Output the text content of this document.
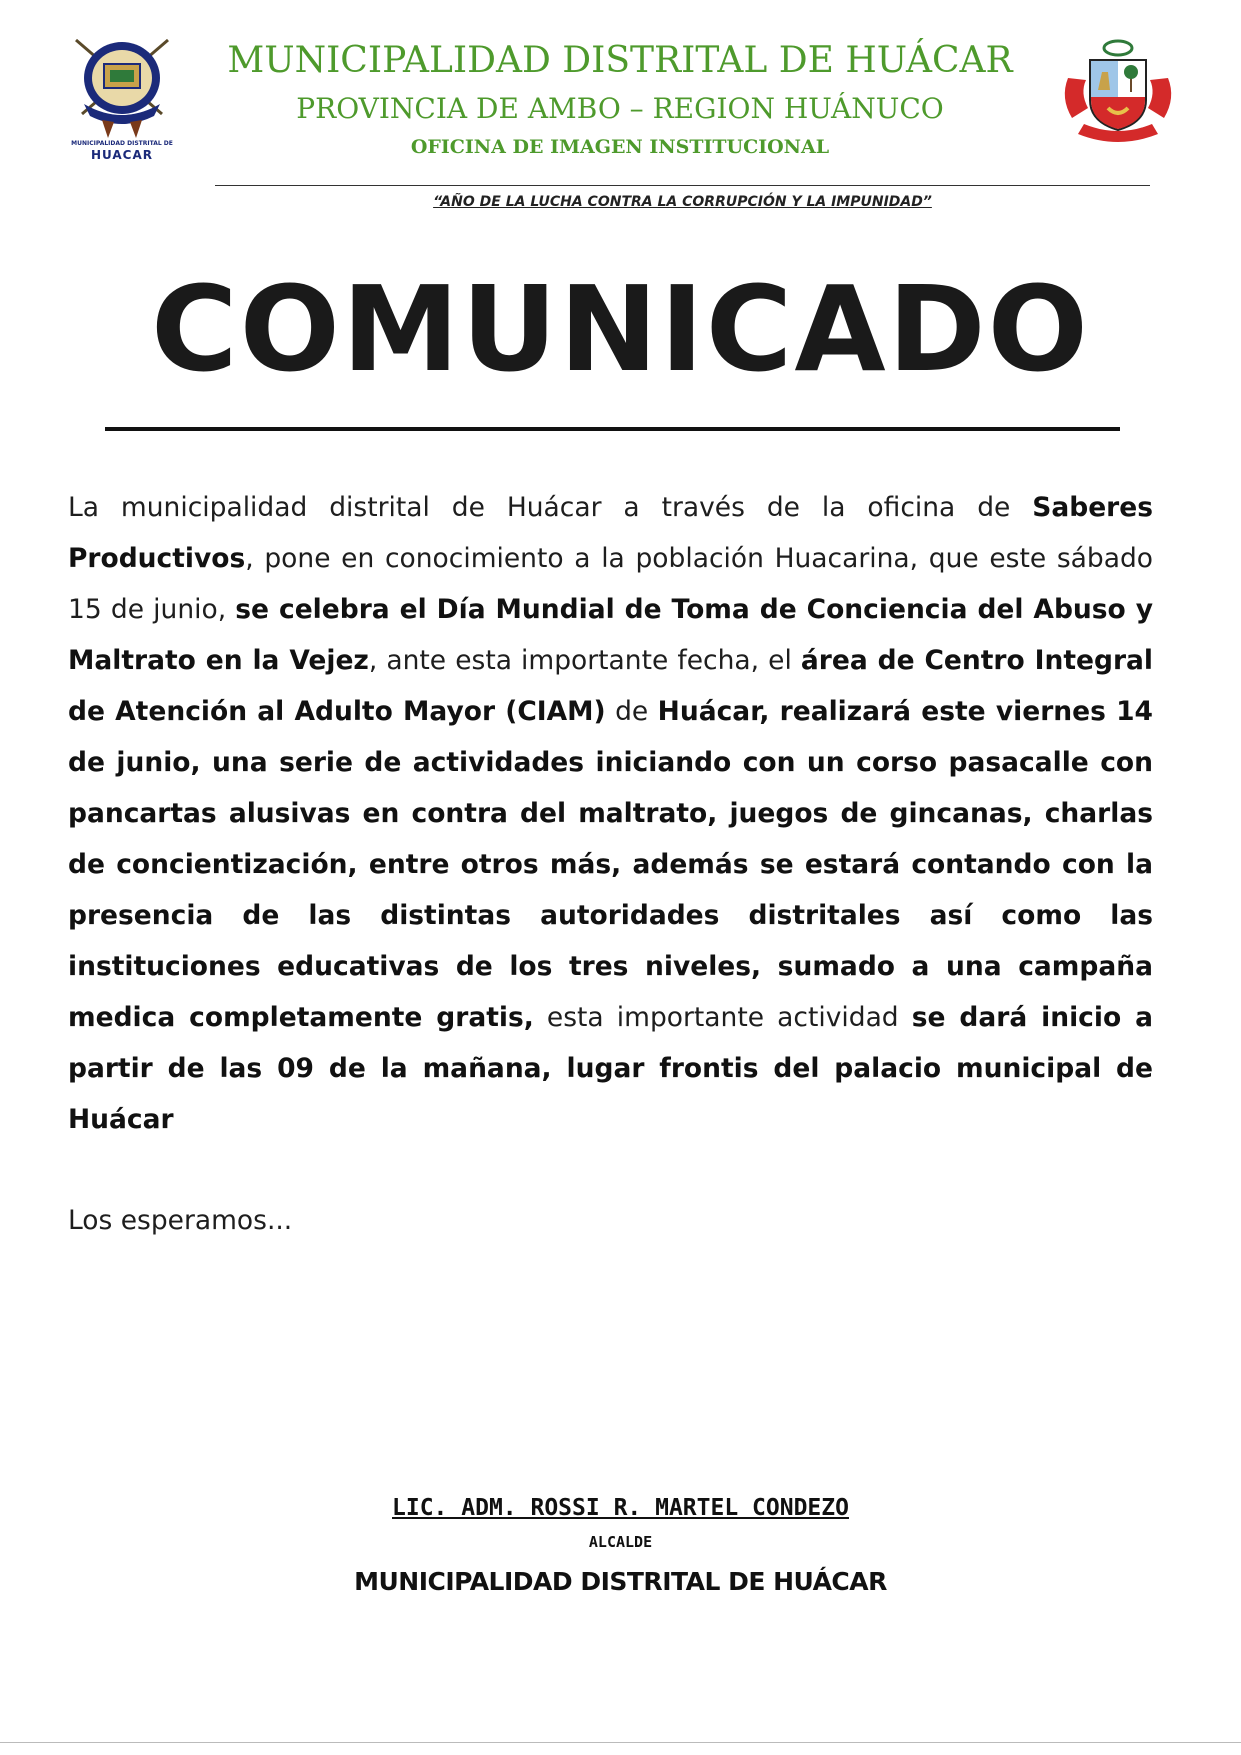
MUNICIPALIDAD DISTRITAL DE
HUACAR
MUNICIPALIDAD DISTRITAL DE HUÁCAR
PROVINCIA DE AMBO – REGION HUÁNUCO
OFICINA DE IMAGEN INSTITUCIONAL
“AÑO DE LA LUCHA CONTRA LA CORRUPCIÓN Y LA IMPUNIDAD”
COMUNICADO
La municipalidad distrital de Huácar a través de la oficina de Saberes Productivos, pone en conocimiento a la población Huacarina, que este sábado 15 de junio, se celebra el Día Mundial de Toma de Conciencia del Abuso y Maltrato en la Vejez, ante esta importante fecha, el área de Centro Integral de Atención al Adulto Mayor (CIAM) de Huácar, realizará este viernes 14 de junio, una serie de actividades iniciando con un corso pasacalle con pancartas alusivas en contra del maltrato, juegos de gincanas, charlas de concientización, entre otros más, además se estará contando con la presencia de las distintas autoridades distritales así como las instituciones educativas de los tres niveles, sumado a una campaña medica completamente gratis, esta importante actividad se dará inicio a partir de las 09 de la mañana, lugar frontis del palacio municipal de Huácar
Los esperamos...
LIC. ADM. ROSSI R. MARTEL CONDEZO
ALCALDE
MUNICIPALIDAD DISTRITAL DE HUÁCAR
